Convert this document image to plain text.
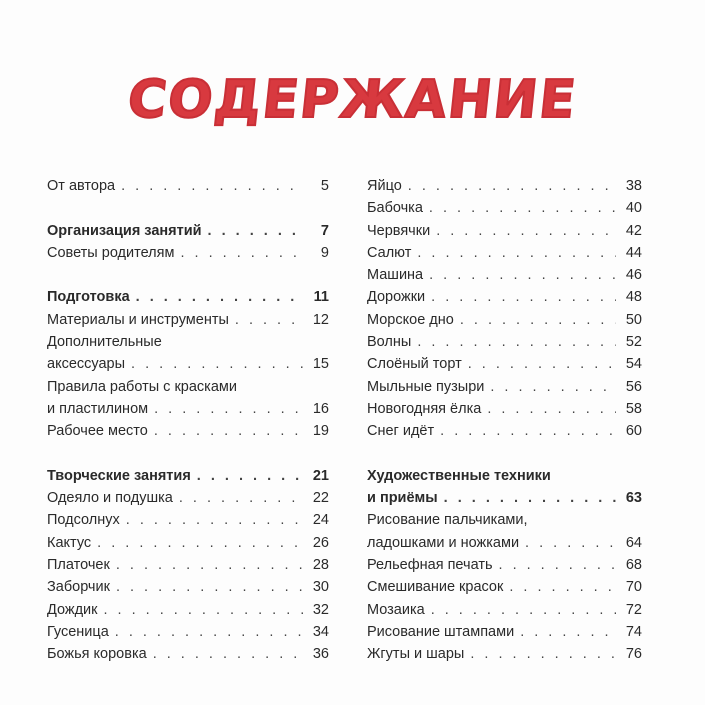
СОДЕРЖАНИЕ
От автора . . .	5
Организация занятий . . .	7
Советы родителям . . .	9
Подготовка . . .	11
Материалы и инструменты . . .	12
Дополнительные
аксессуары . . .	15
Правила работы с красками
и пластилином . . .	16
Рабочее место . . .	19
Творческие занятия . . .	21
Одеяло и подушка . . .	22
Подсолнух . . .	24
Кактус . . .	26
Платочек . . .	28
Заборчик . . .	30
Дождик . . .	32
Гусеница . . .	34
Божья коровка . . .	36
Яйцо . . .	38
Бабочка . . .	40
Червячки . . .	42
Салют . . .	44
Машина . . .	46
Дорожки . . .	48
Морское дно . . .	50
Волны . . .	52
Слоёный торт . . .	54
Мыльные пузыри . . .	56
Новогодняя ёлка . . .	58
Снег идёт . . .	60
Художественные техники
и приёмы . . .	63
Рисование пальчиками,
ладошками и ножками . . .	64
Рельефная печать . . .	68
Смешивание красок . . .	70
Мозаика . . .	72
Рисование штампами . . .	74
Жгуты и шары . . .	76
